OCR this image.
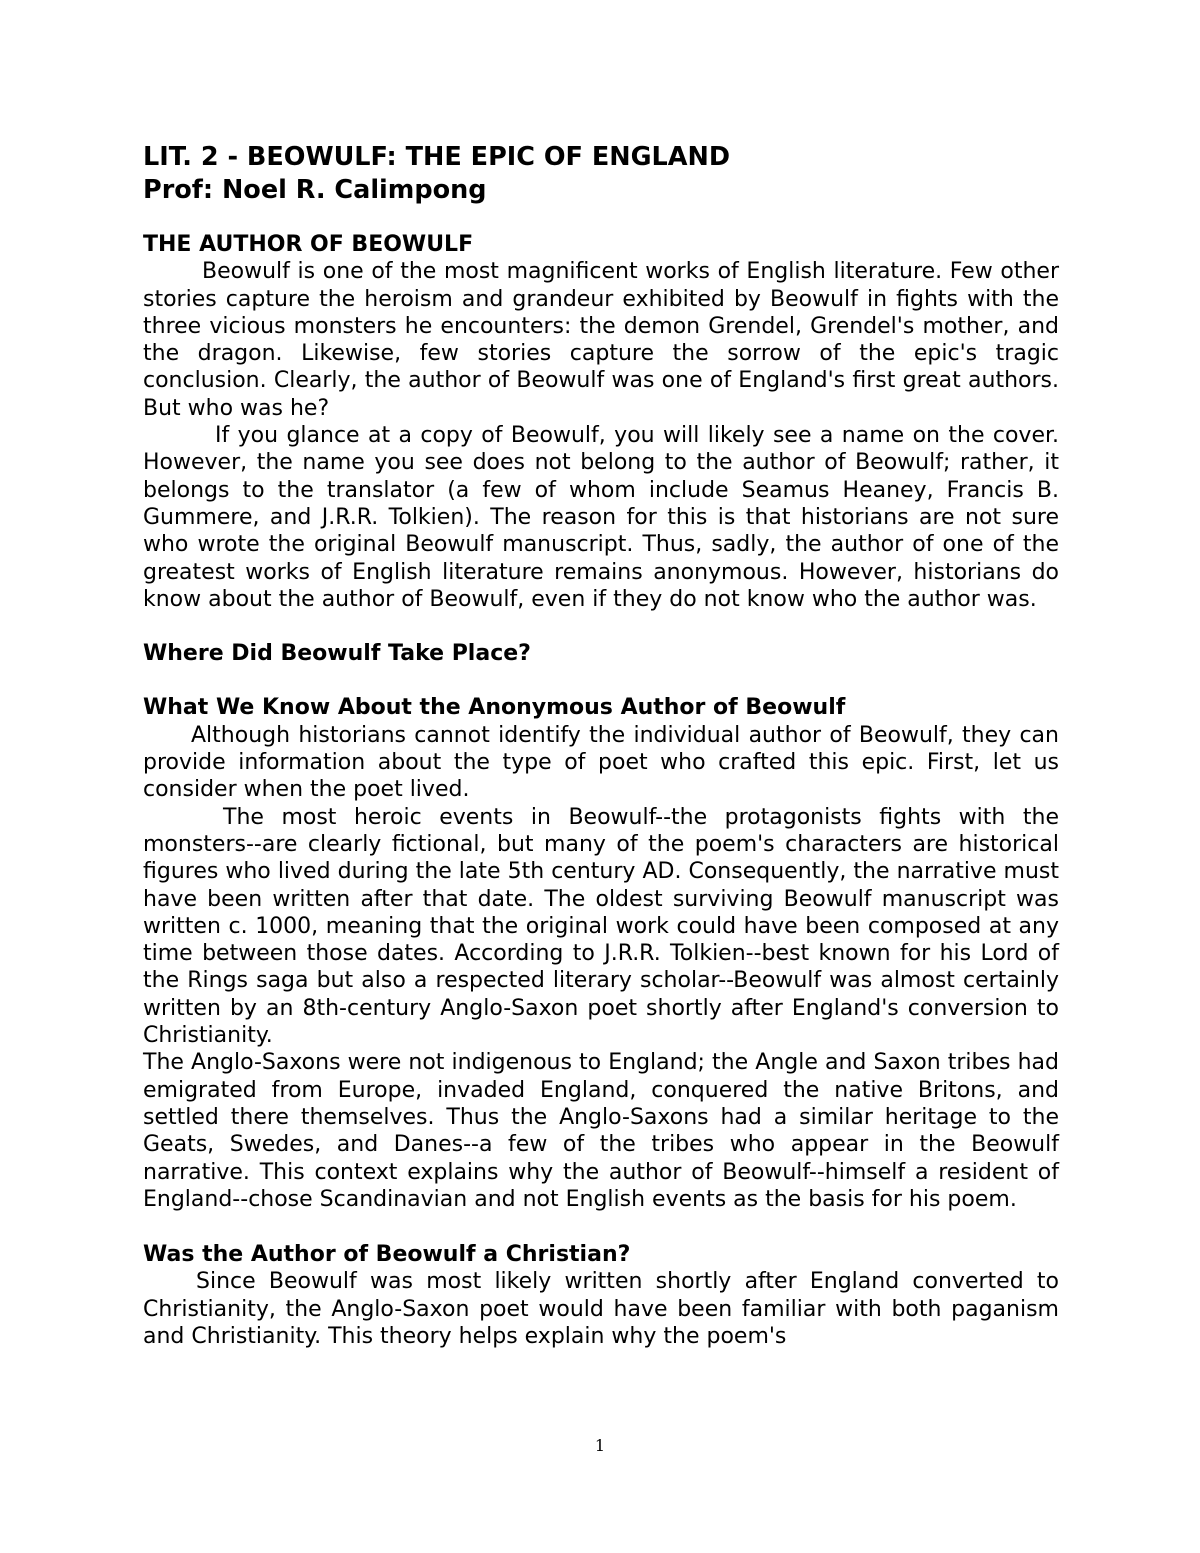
LIT. 2 - BEOWULF: THE EPIC OF ENGLAND
Prof: Noel R. Calimpong
THE AUTHOR OF BEOWULF

Beowulf is one of the most magnificent works of English literature. Few other stories capture the heroism and grandeur exhibited by Beowulf in fights with the three vicious monsters he encounters: the demon Grendel, Grendel's mother, and the dragon. Likewise, few stories capture the sorrow of the epic's tragic conclusion. Clearly, the author of Beowulf was one of England's first great authors. But who was he?

If you glance at a copy of Beowulf, you will likely see a name on the cover. However, the name you see does not belong to the author of Beowulf; rather, it belongs to the translator (a few of whom include Seamus Heaney, Francis B. Gummere, and J.R.R. Tolkien). The reason for this is that historians are not sure who wrote the original Beowulf manuscript. Thus, sadly, the author of one of the greatest works of English literature remains anonymous. However, historians do know about the author of Beowulf, even if they do not know who the author was.

Where Did Beowulf Take Place?
What We Know About the Anonymous Author of Beowulf

Although historians cannot identify the individual author of Beowulf, they can provide information about the type of poet who crafted this epic. First, let us consider when the poet lived.

The most heroic events in Beowulf--the protagonists fights with the monsters--are clearly fictional, but many of the poem's characters are historical figures who lived during the late 5th century AD. Consequently, the narrative must have been written after that date. The oldest surviving Beowulf manuscript was written c. 1000, meaning that the original work could have been composed at any time between those dates. According to J.R.R. Tolkien--best known for his Lord of the Rings saga but also a respected literary scholar--Beowulf was almost certainly written by an 8th-century Anglo-Saxon poet shortly after England's conversion to Christianity.

The Anglo-Saxons were not indigenous to England; the Angle and Saxon tribes had emigrated from Europe, invaded England, conquered the native Britons, and settled there themselves. Thus the Anglo-Saxons had a similar heritage to the Geats, Swedes, and Danes--a few of the tribes who appear in the Beowulf narrative. This context explains why the author of Beowulf--himself a resident of England--chose Scandinavian and not English events as the basis for his poem.

Was the Author of Beowulf a Christian?

Since Beowulf was most likely written shortly after England converted to Christianity, the Anglo-Saxon poet would have been familiar with both paganism and Christianity. This theory helps explain why the poem's

1
